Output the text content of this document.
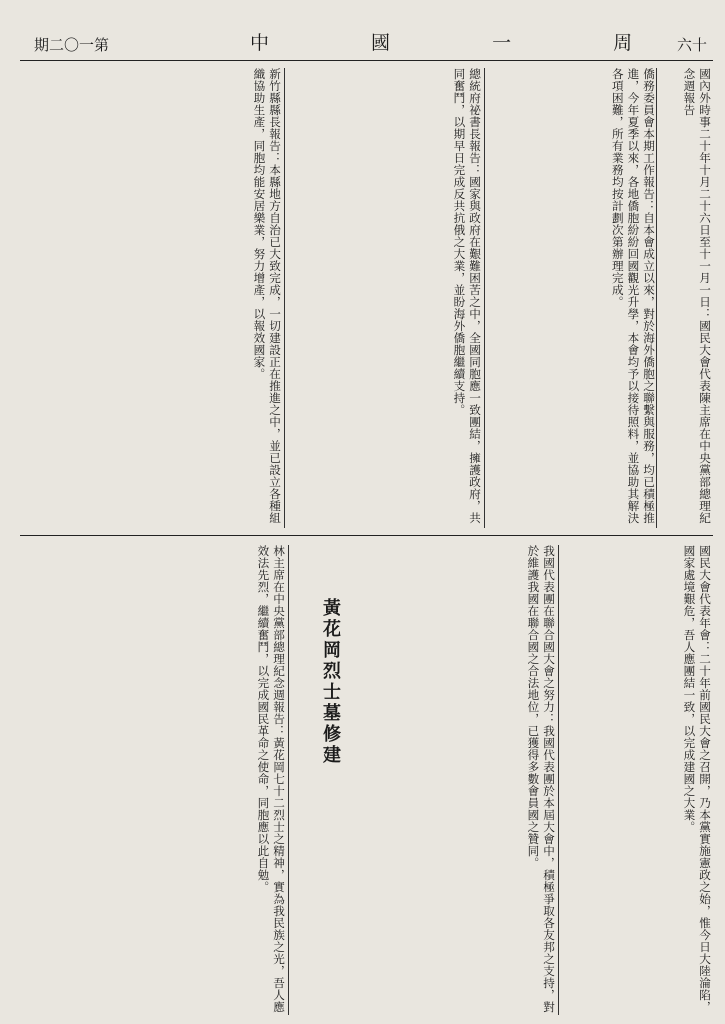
六十
中 國 一 周
期二〇一第
國內外時事二十年十月二十六日至十一月一日：國民大會代表陳主席在中央黨部總理紀念週報告
僑務委員會本期工作報告：自本會成立以來，對於海外僑胞之聯繫與服務，均已積極推進，今年夏季以來，各地僑胞紛紛回國觀光升學，本會均予以接待照料，並協助其解決各項困難，所有業務均按計劃次第辦理完成。
總統府祕書長報告：國家與政府在艱難困苦之中，全國同胞應一致團結，擁護政府，共同奮鬥，以期早日完成反共抗俄之大業，並盼海外僑胞繼續支持。
新竹縣縣長報告：本縣地方自治已大致完成，一切建設正在推進之中，並已設立各種組織協助生產，同胞均能安居樂業，努力增產，以報效國家。
國民大會代表年會：二十年前國民大會之召開，乃本黨實施憲政之始，惟今日大陸淪陷，國家處境艱危，吾人應團結一致，以完成建國之大業。
我國代表團在聯合國大會之努力：我國代表團於本屆大會中，積極爭取各友邦之支持，對於維護我國在聯合國之合法地位，已獲得多數會員國之贊同。
林主席在中央黨部總理紀念週報告：黃花岡七十二烈士之精神，實為我民族之光，吾人應效法先烈，繼續奮鬥，以完成國民革命之使命，同胞應以此自勉。	黃花岡烈士墓修建
